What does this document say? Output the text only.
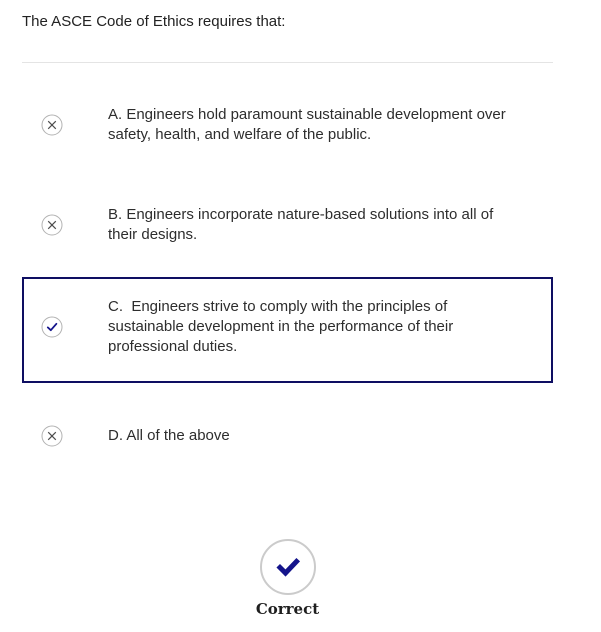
The ASCE Code of Ethics requires that:
A. Engineers hold paramount sustainable development over safety, health, and welfare of the public.
B. Engineers incorporate nature-based solutions into all of their designs.
C.  Engineers strive to comply with the principles of sustainable development in the performance of their professional duties.
D. All of the above
Correct
